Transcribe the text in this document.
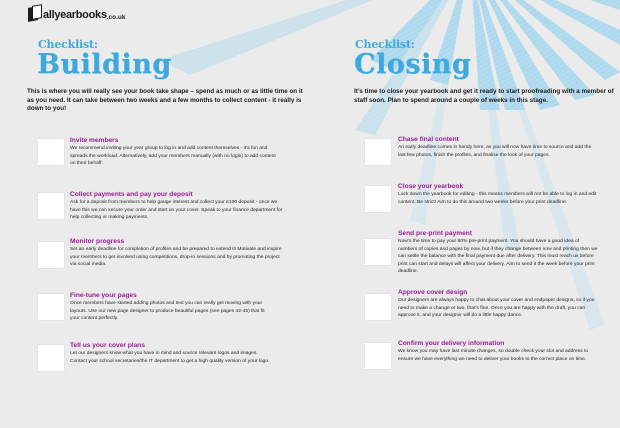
allyearbooks .co.uk
Checklist:
Building

This is where you will really see your book take shape – spend as much or as little time on it as you need. It can take between two weeks and a few months to collect content - it really is down to you!

Invite members
We recommend inviting your year group to log in and add content themselves - it’s fun and spreads the workload. Alternatively, add your members manually (with no login) to add content on their behalf.
Collect payments and pay your deposit
Ask for a deposit from members to help gauge interest and collect your £100 deposit - once we have this we can secure your order and start on your cover. Speak to your finance department for help collecting or making payments.
Monitor progress
Set an early deadline for completion of profiles and be prepared to extend it! Motivate and inspire your members to get involved using competitions, drop-in sessions and by promoting the project via social media.
Fine-tune your pages
Once members have started adding photos and text you can really get moving with your layouts. Use our new page designer to produce beautiful pages (see pages 42-45) that fit your content perfectly.
Tell us your cover plans
Let our designers know what you have in mind and source relevant logos and images. Contact your school secretaries/the IT department to get a high quality version of your logo.
Checklist:
Closing

It’s time to close your yearbook and get it ready to start proofreading with a member of staff soon. Plan to spend around a couple of weeks in this stage.

Chase final content
An early deadline comes in handy here, as you will now have time to source and add the last few photos, finish the profiles, and finalise the look of your pages.
Close your yearbook
Lock down the yearbook for editing - this means members will not be able to log in and edit content. Be strict! Aim to do this around two weeks before your print deadline.
Send pre-print payment
Now’s the time to pay your 80% pre-print payment. You should have a good idea of numbers of copies and pages by now, but if they change between now and printing then we can settle the balance with the final payment due after delivery. This must reach us before print can start and delays will affect your delivery. Aim to send it the week before your print deadline.
Approve cover design
Our designers are always happy to chat about your cover and endpaper designs, so if you need to make a change or two, that’s fine. Once you are happy with the draft, you can approve it, and your designer will do a little happy dance.
Confirm your delivery information
We know you may have last minute changes, so double check your slot and address to ensure we have everything we need to deliver your books to the correct place on time.
